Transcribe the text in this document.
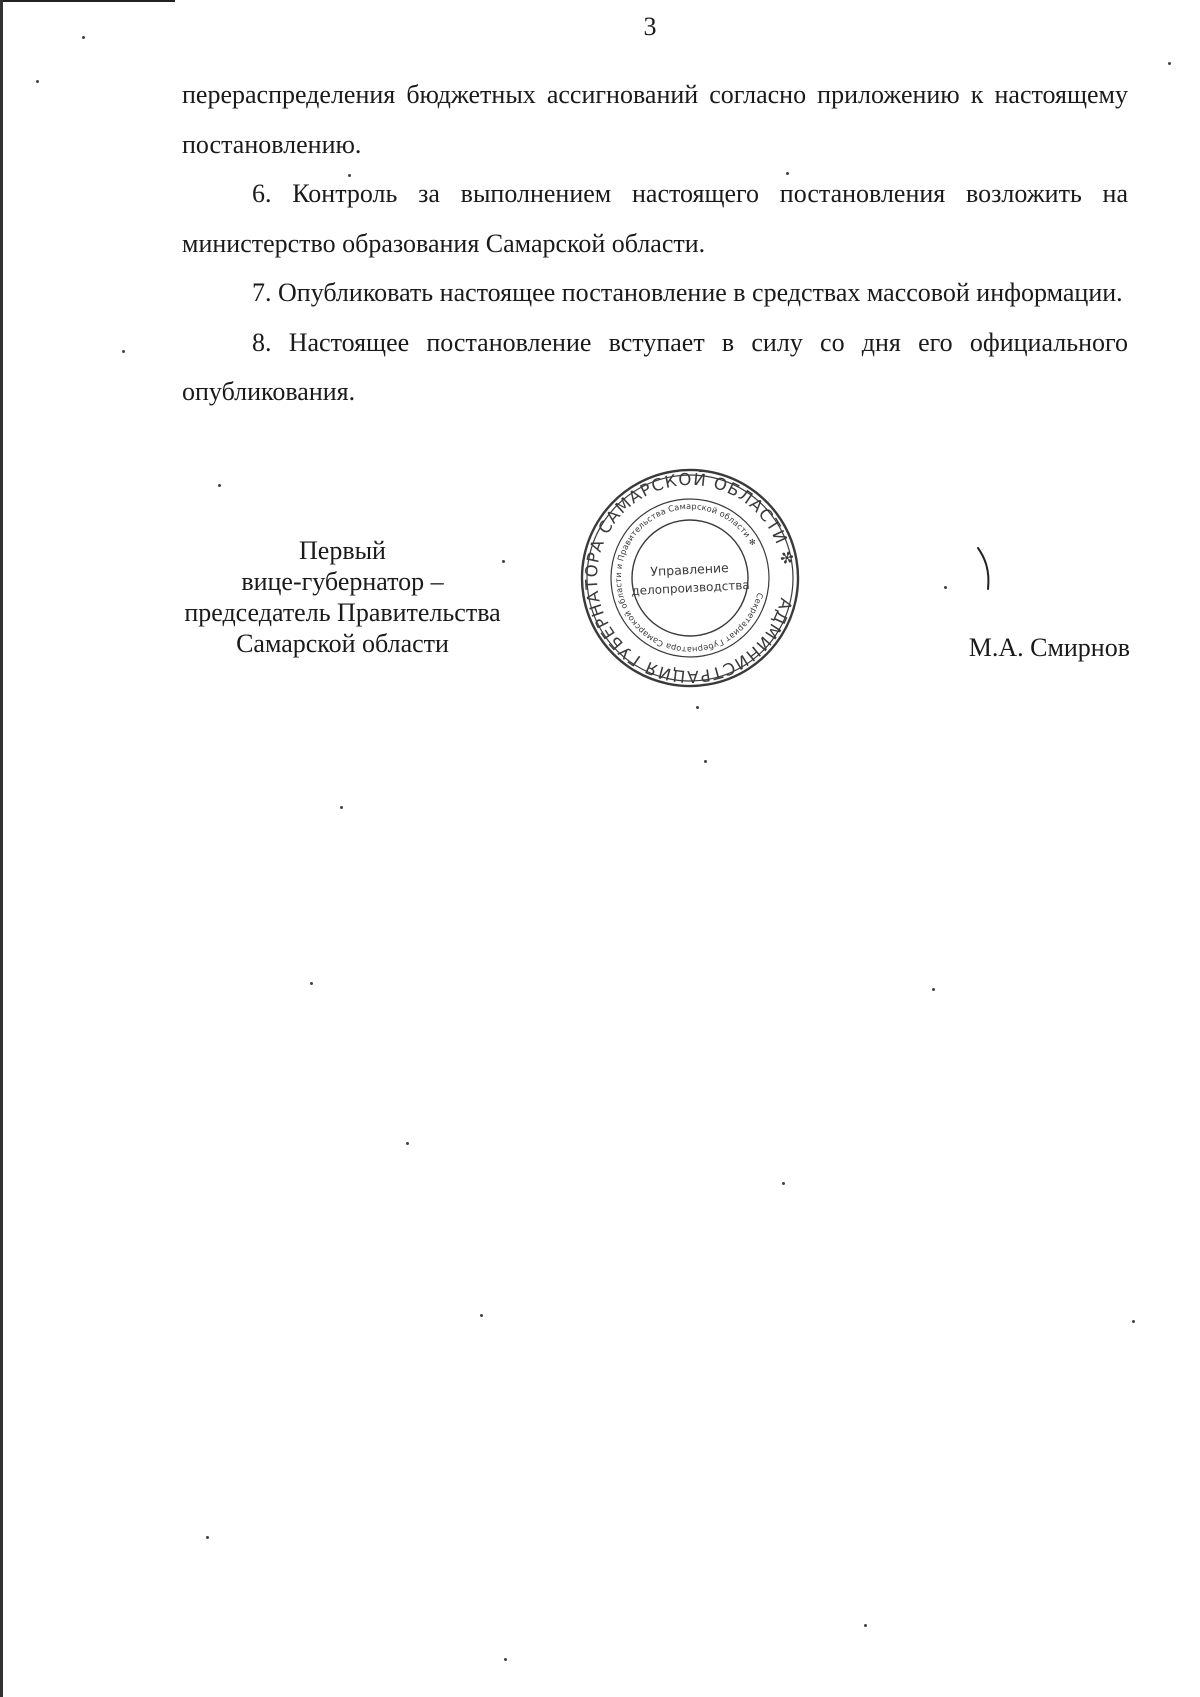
3

перераспределения бюджетных ассигнований согласно приложению к настоящему постановлению.

6. Контроль за выполнением настоящего постановления возложить на министерство образования Самарской области.

7. Опубликовать настоящее постановление в средствах массовой информации.

8. Настоящее постановление вступает в силу со дня его официального опубликования.

Первый
вице-губернатор –
председатель Правительства
Самарской области
АДМИНИСТРАЦИЯ ГУБЕРНАТОРА САМАРСКОЙ ОБЛАСТИ ✻
Секретариат Губернатора Самарской области и Правительства Самарской области ✻
Управление
делопроизводства
М.А. Смирнов
